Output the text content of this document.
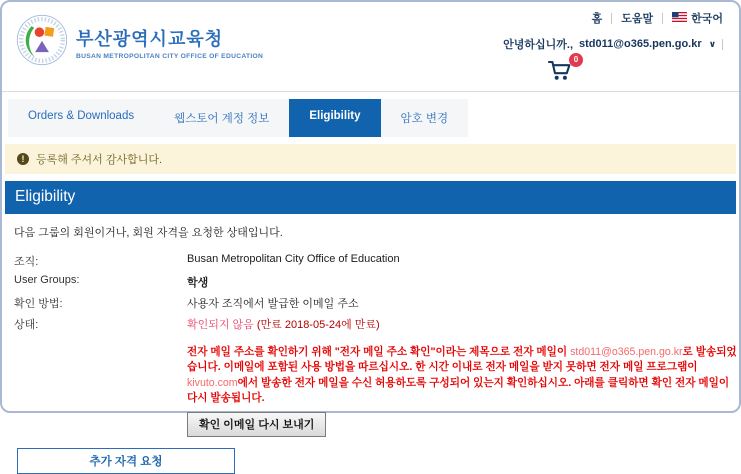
부산광역시교육청
BUSAN METROPOLITAN CITY OFFICE OF EDUCATION
홈 도움말	한국어
안녕하십니까., std011@o365.pen.go.kr ∨
0
Orders & Downloads	웹스토어 계정 정보	Eligibility	암호 변경
!
등록해 주셔서 감사합니다.
Eligibility

다음 그룹의 회원이거나, 회원 자격을 요청한 상태입니다.

조직:	Busan Metropolitan City Office of Education
User Groups:	학생
확인 방법:	사용자 조직에서 발급한 이메일 주소
상태:	확인되지 않음 (만료 2018-05-24에 만료)

전자 메일 주소를 확인하기 위해 "전자 메일 주소 확인"이라는 제목으로 전자 메일이 std011@o365.pen.go.kr로 발송되었습니다. 이메일에 포함된 사용 방법을 따르십시오. 한 시간 이내로 전자 메일을 받지 못하면 전자 메일 프로그램이 kivuto.com에서 발송한 전자 메일을 수신 허용하도록 구성되어 있는지 확인하십시오. 아래를 클릭하면 확인 전자 메일이 다시 발송됩니다.

확인 이메일 다시 보내기
추가 자격 요청
